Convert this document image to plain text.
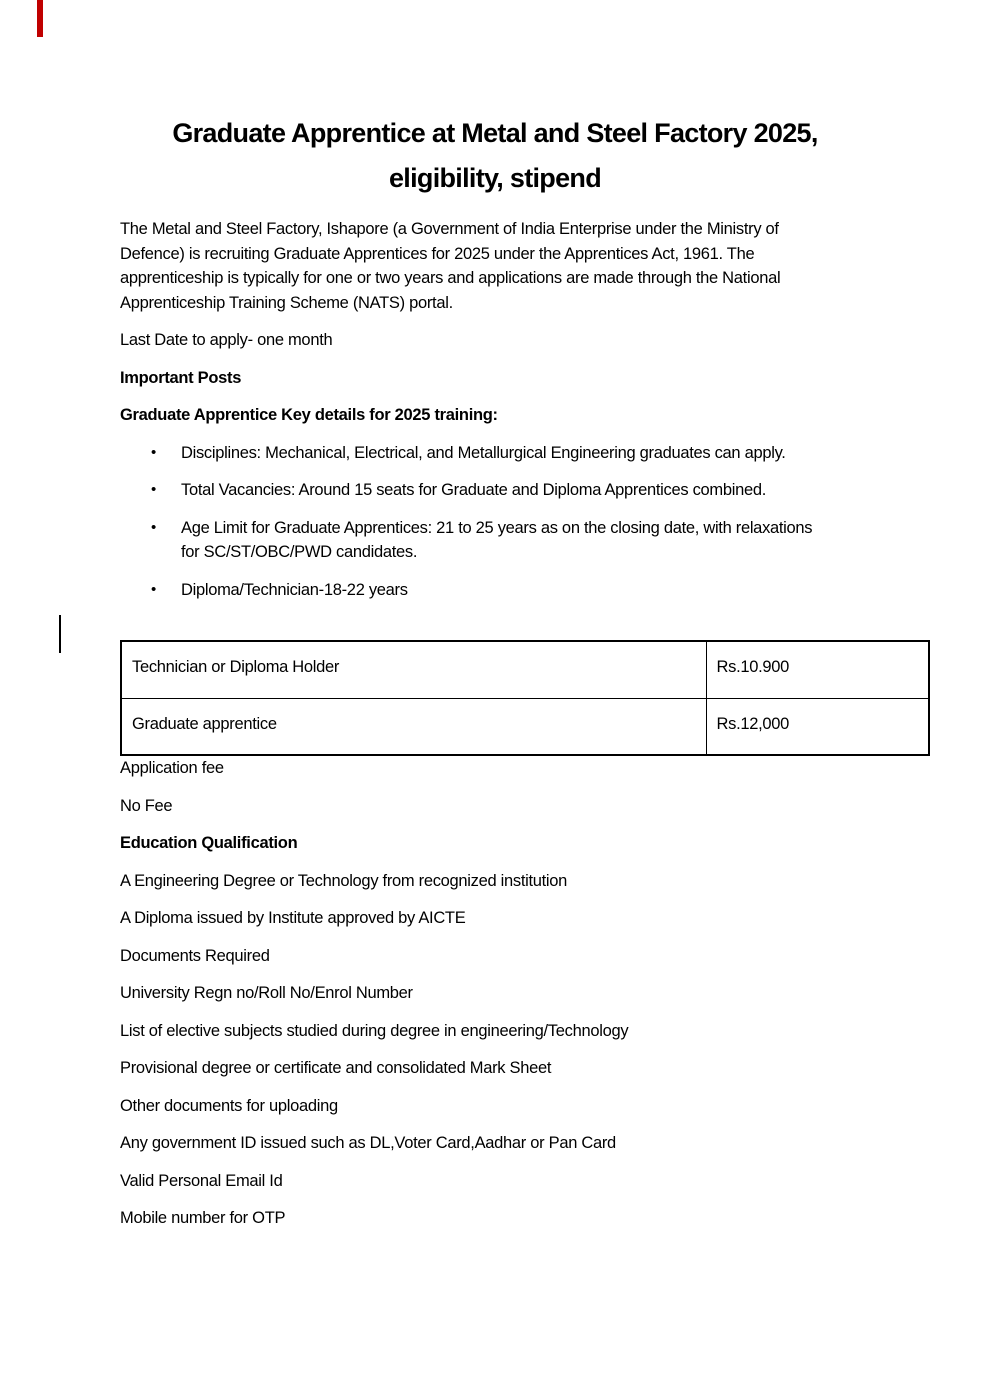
Graduate Apprentice at Metal and Steel Factory 2025,
eligibility, stipend

The Metal and Steel Factory, Ishapore (a Government of India Enterprise under the Ministry of
Defence) is recruiting Graduate Apprentices for 2025 under the Apprentices Act, 1961. The
apprenticeship is typically for one or two years and applications are made through the National
Apprenticeship Training Scheme (NATS) portal.

Last Date to apply- one month

Important Posts

Graduate Apprentice Key details for 2025 training:

•	Disciplines: Mechanical, Electrical, and Metallurgical Engineering graduates can apply.
•	Total Vacancies: Around 15 seats for Graduate and Diploma Apprentices combined.
•	Age Limit for Graduate Apprentices: 21 to 25 years as on the closing date, with relaxations
for SC/ST/OBC/PWD candidates.
•	Diploma/Technician-18-22 years
Technician or Diploma Holder	Rs.10.900
Graduate apprentice	Rs.12,000

Application fee

No Fee

Education Qualification

A Engineering Degree or Technology from recognized institution

A Diploma issued by Institute approved by AICTE

Documents Required

University Regn no/Roll No/Enrol Number

List of elective subjects studied during degree in engineering/Technology

Provisional degree or certificate and consolidated Mark Sheet

Other documents for uploading

Any government ID issued such as DL,Voter Card,Aadhar or Pan Card

Valid Personal Email Id

Mobile number for OTP
